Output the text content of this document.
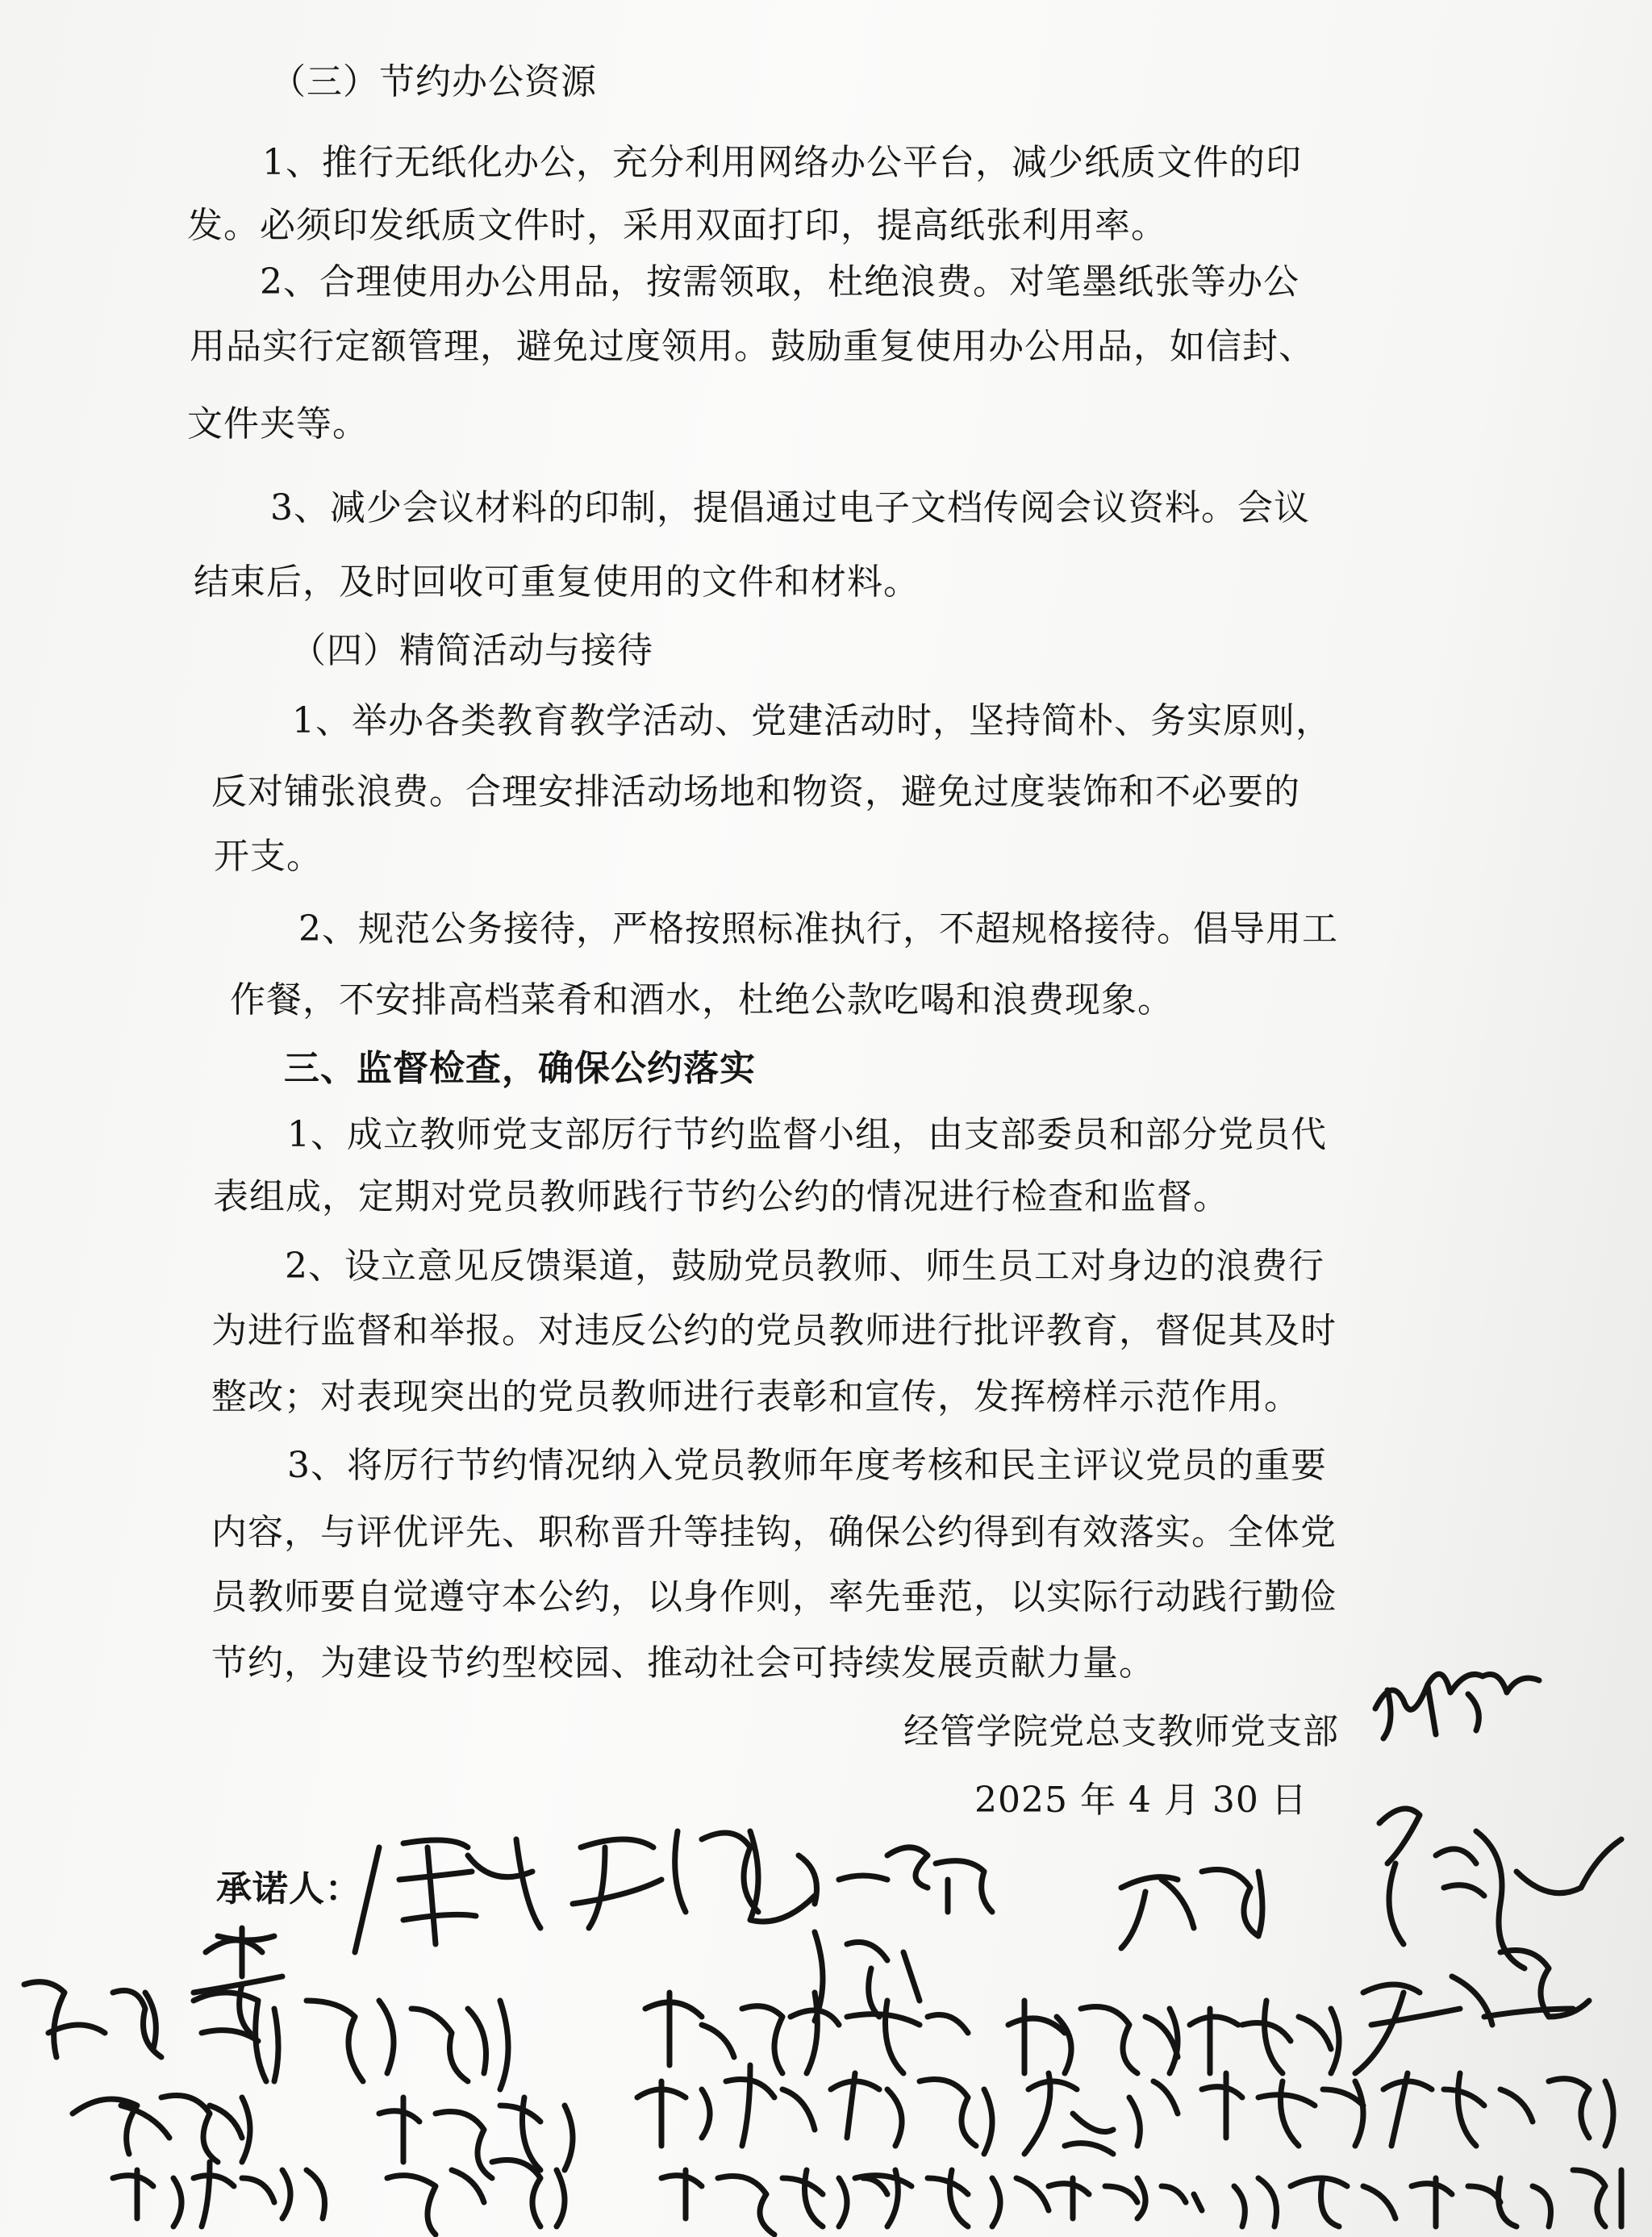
（三）节约办公资源
1、推行无纸化办公，充分利用网络办公平台，减少纸质文件的印
发。必须印发纸质文件时，采用双面打印，提高纸张利用率。
2、合理使用办公用品，按需领取，杜绝浪费。对笔墨纸张等办公
用品实行定额管理，避免过度领用。鼓励重复使用办公用品，如信封、
文件夹等。
3、减少会议材料的印制，提倡通过电子文档传阅会议资料。会议
结束后，及时回收可重复使用的文件和材料。
（四）精简活动与接待
1、举办各类教育教学活动、党建活动时，坚持简朴、务实原则，
反对铺张浪费。合理安排活动场地和物资，避免过度装饰和不必要的
开支。
2、规范公务接待，严格按照标准执行，不超规格接待。倡导用工
作餐，不安排高档菜肴和酒水，杜绝公款吃喝和浪费现象。
三、监督检查，确保公约落实
1、成立教师党支部厉行节约监督小组，由支部委员和部分党员代
表组成，定期对党员教师践行节约公约的情况进行检查和监督。
2、设立意见反馈渠道，鼓励党员教师、师生员工对身边的浪费行
为进行监督和举报。对违反公约的党员教师进行批评教育，督促其及时
整改；对表现突出的党员教师进行表彰和宣传，发挥榜样示范作用。
3、将厉行节约情况纳入党员教师年度考核和民主评议党员的重要
内容，与评优评先、职称晋升等挂钩，确保公约得到有效落实。全体党
员教师要自觉遵守本公约，以身作则，率先垂范，以实际行动践行勤俭
节约，为建设节约型校园、推动社会可持续发展贡献力量。
经管学院党总支教师党支部
2025 年 4 月 30 日
承诺人：
